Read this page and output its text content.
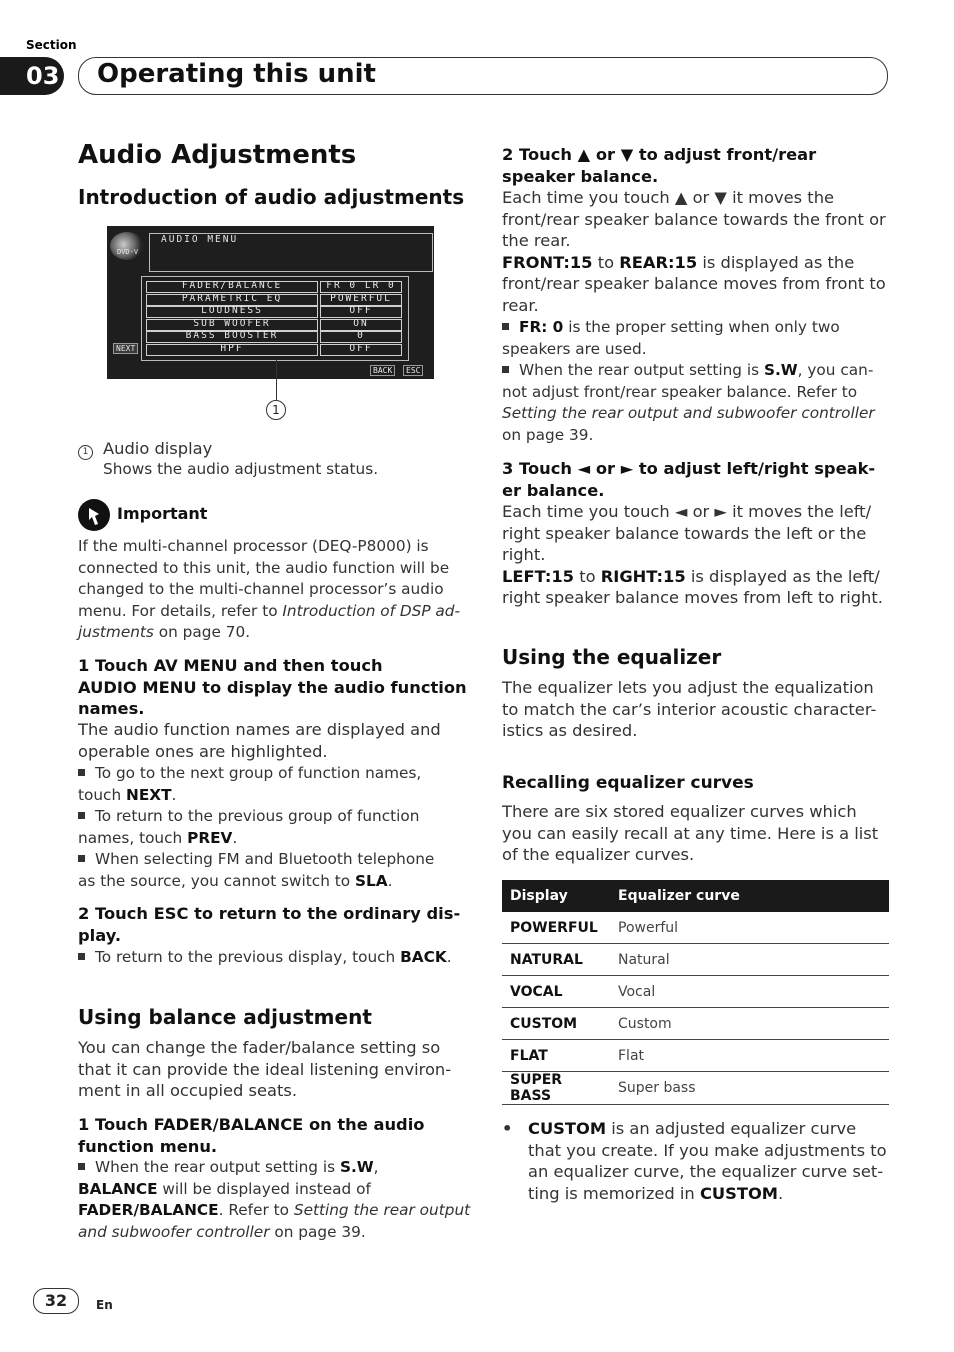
Section
03 Operating this unit
Audio Adjustments
Introduction of audio adjustments
DVD-V
AUDIO MENU
FADER/BALANCE	FR 0 LR 0
PARAMETRIC EQ	POWERFUL
LOUDNESS	OFF
SUB WOOFER	ON
BASS BOOSTER	0
HPF	OFF
NEXT
BACK	ESC
1
1 Audio display
Shows the audio adjustment status.
Important
If the multi-channel processor (DEQ-P8000) is
connected to this unit, the audio function will be
changed to the multi-channel processor’s audio
menu. For details, refer to Introduction of DSP ad-
justments on page 70.
1 Touch AV MENU and then touch
AUDIO MENU to display the audio function
names.
The audio function names are displayed and
operable ones are highlighted.
To go to the next group of function names,
touch NEXT.
To return to the previous group of function
names, touch PREV.
When selecting FM and Bluetooth telephone
as the source, you cannot switch to SLA.
2 Touch ESC to return to the ordinary dis-
play.
To return to the previous display, touch BACK.
Using balance adjustment
You can change the fader/balance setting so
that it can provide the ideal listening environ-
ment in all occupied seats.
1 Touch FADER/BALANCE on the audio
function menu.
When the rear output setting is S.W,
BALANCE will be displayed instead of
FADER/BALANCE. Refer to Setting the rear output
and subwoofer controller on page 39.
2 Touch ▲ or ▼ to adjust front/rear
speaker balance.
Each time you touch ▲ or ▼ it moves the
front/rear speaker balance towards the front or
the rear.
FRONT:15 to REAR:15 is displayed as the
front/rear speaker balance moves from front to
rear.
FR: 0 is the proper setting when only two
speakers are used.
When the rear output setting is S.W, you can-
not adjust front/rear speaker balance. Refer to
Setting the rear output and subwoofer controller
on page 39.
3 Touch ◄ or ► to adjust left/right speak-
er balance.
Each time you touch ◄ or ► it moves the left/
right speaker balance towards the left or the
right.
LEFT:15 to RIGHT:15 is displayed as the left/
right speaker balance moves from left to right.
Using the equalizer
The equalizer lets you adjust the equalization
to match the car’s interior acoustic character-
istics as desired.
Recalling equalizer curves
There are six stored equalizer curves which
you can easily recall at any time. Here is a list
of the equalizer curves.
Display	Equalizer curve
POWERFUL	Powerful
NATURAL	Natural
VOCAL	Vocal
CUSTOM	Custom
FLAT	Flat
SUPER BASS	Super bass
• CUSTOM is an adjusted equalizer curve
that you create. If you make adjustments to
an equalizer curve, the equalizer curve set-
ting is memorized in CUSTOM.
32	En
